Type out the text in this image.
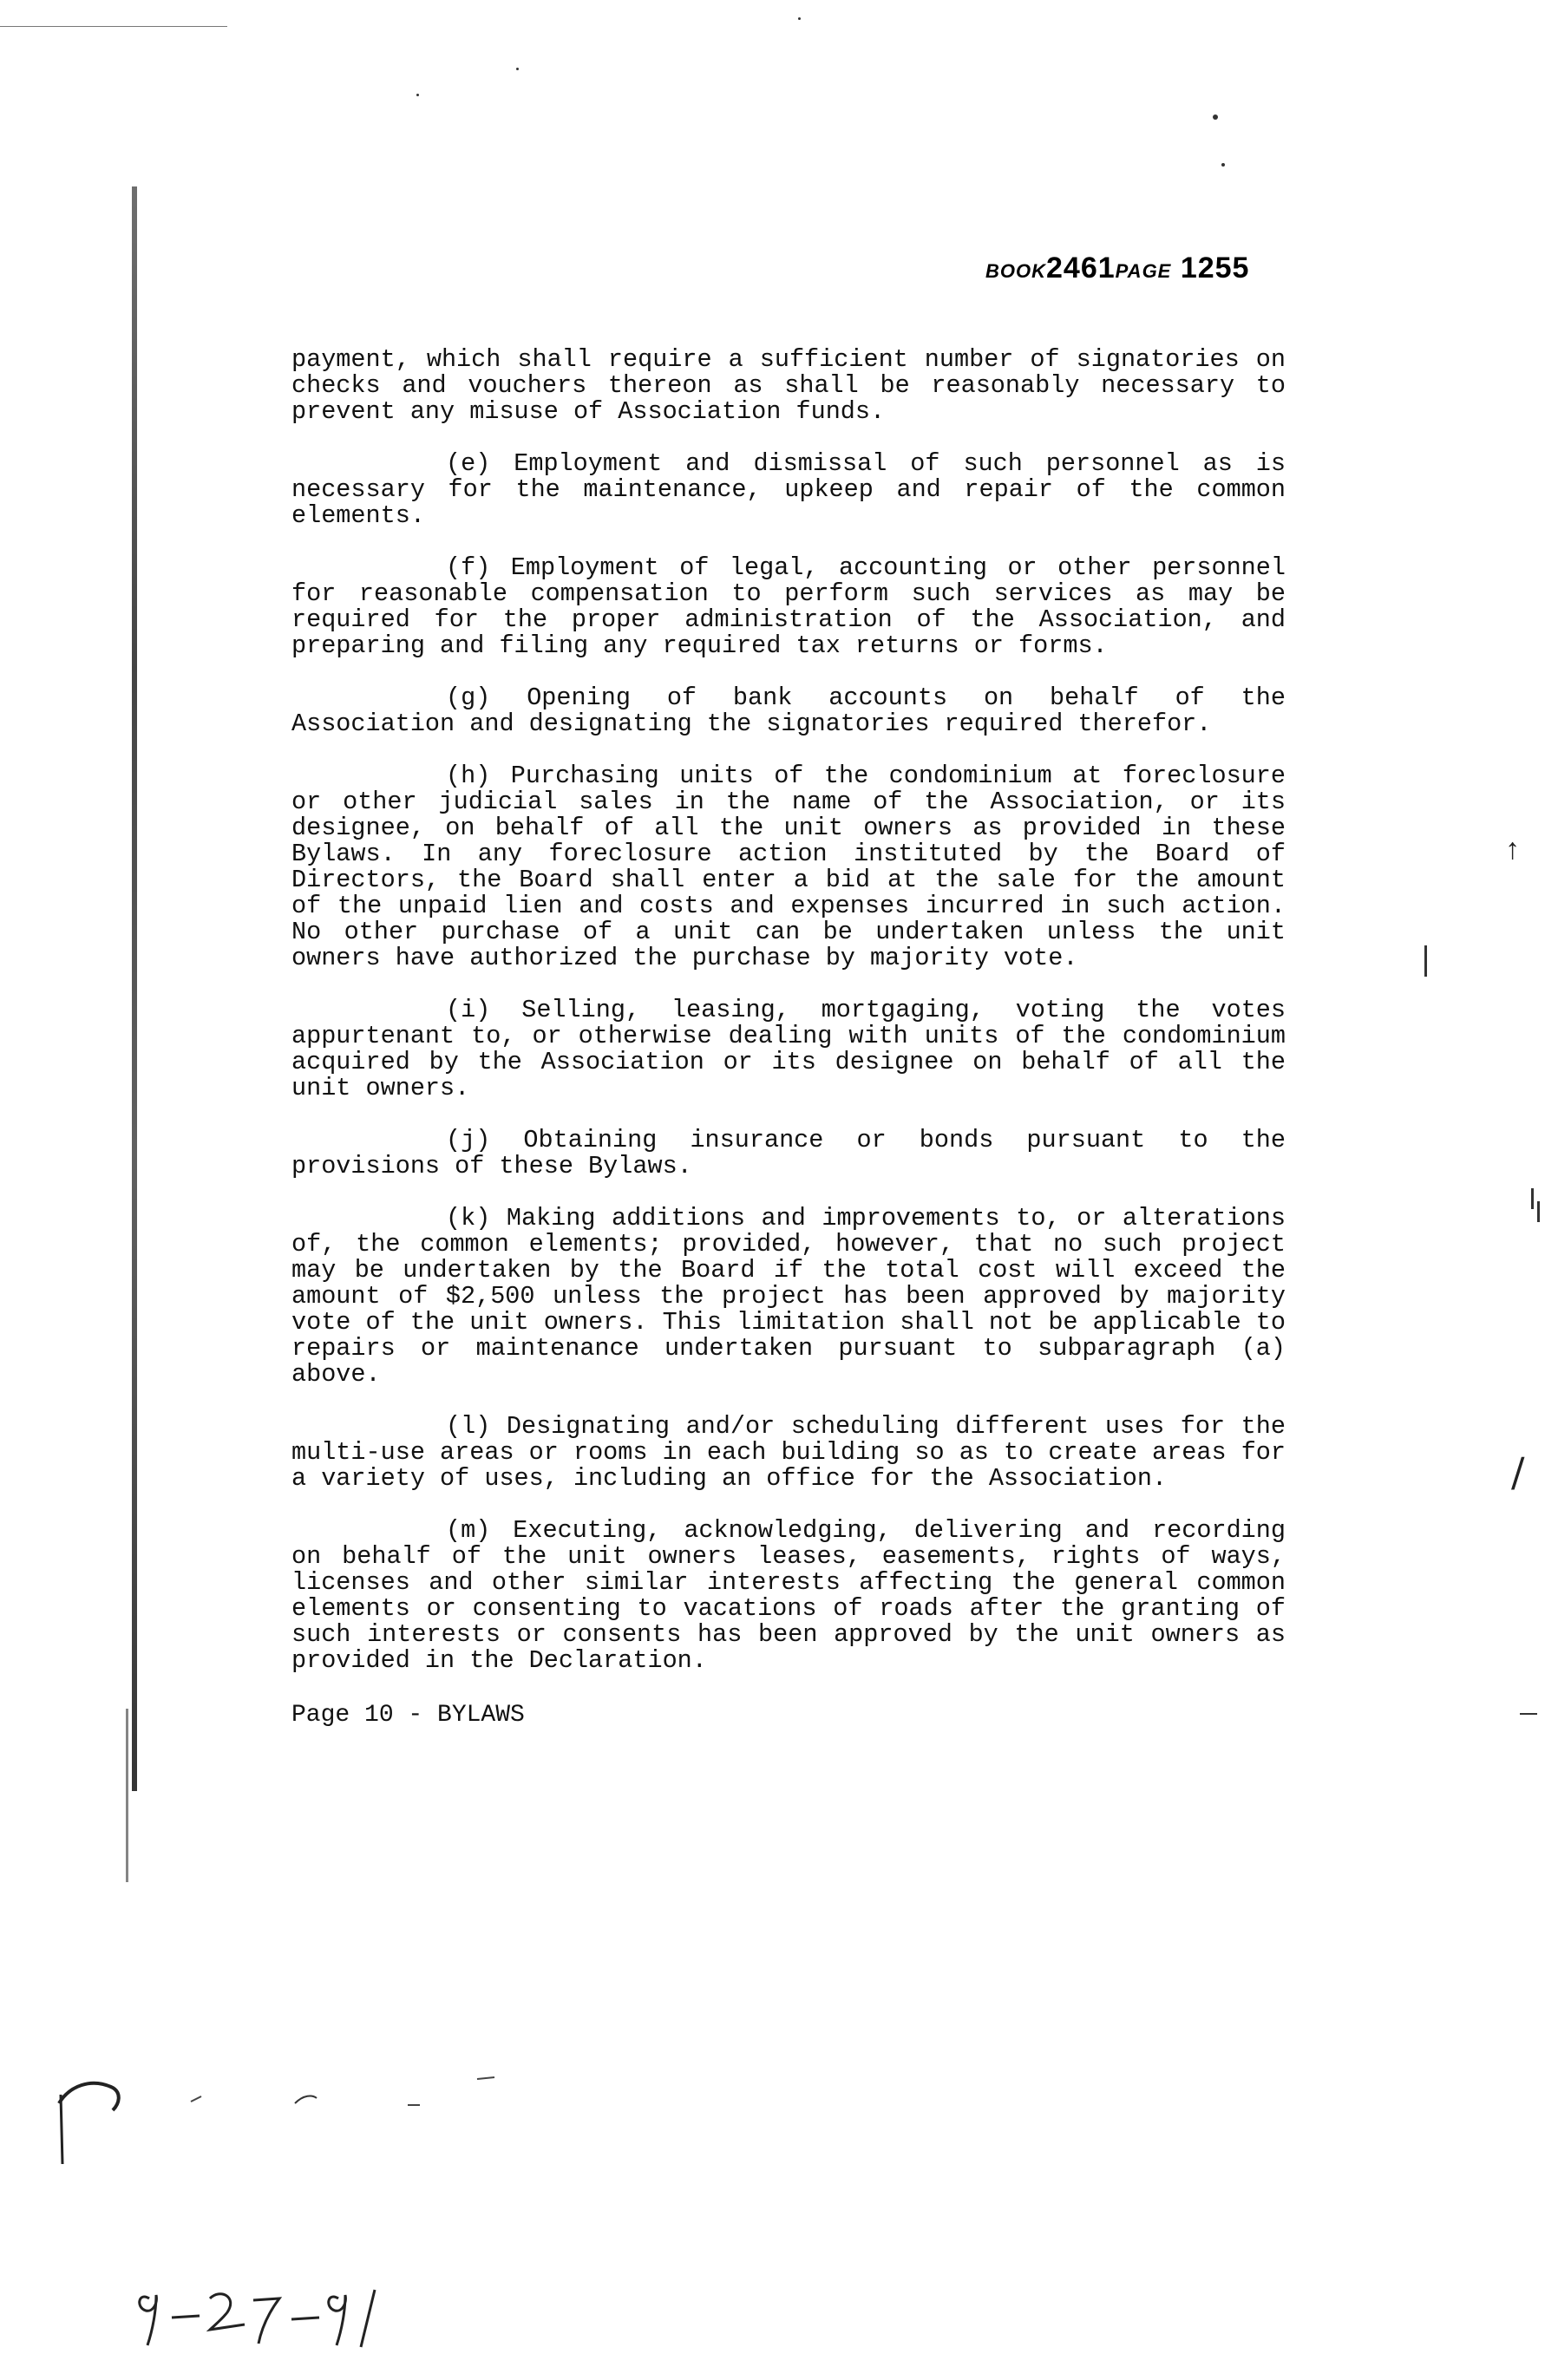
BOOK2461PAGE 1255

payment, which shall require a sufficient number of signatories on checks and vouchers thereon as shall be reasonably necessary to prevent any misuse of Association funds.

(e) Employment and dismissal of such personnel as is necessary for the maintenance, upkeep and repair of the common elements.

(f) Employment of legal, accounting or other personnel for reasonable compensation to perform such services as may be required for the proper administration of the Association, and preparing and filing any required tax returns or forms.

(g) Opening of bank accounts on behalf of the Association and designating the signatories required therefor.

(h) Purchasing units of the condominium at foreclosure or other judicial sales in the name of the Association, or its designee, on behalf of all the unit owners as provided in these Bylaws. In any foreclosure action instituted by the Board of Directors, the Board shall enter a bid at the sale for the amount of the unpaid lien and costs and expenses incurred in such action. No other purchase of a unit can be undertaken unless the unit owners have authorized the purchase by majority vote.

(i) Selling, leasing, mortgaging, voting the votes appurtenant to, or otherwise dealing with units of the condominium acquired by the Association or its designee on behalf of all the unit owners.

(j) Obtaining insurance or bonds pursuant to the provisions of these Bylaws.

(k) Making additions and improvements to, or alterations of, the common elements; provided, however, that no such project may be undertaken by the Board if the total cost will exceed the amount of $2,500 unless the project has been approved by majority vote of the unit owners. This limitation shall not be applicable to repairs or maintenance undertaken pursuant to subparagraph (a) above.

(l) Designating and/or scheduling different uses for the multi-use areas or rooms in each building so as to create areas for a variety of uses, including an office for the Association.

(m) Executing, acknowledging, delivering and recording on behalf of the unit owners leases, easements, rights of ways, licenses and other similar interests affecting the general common elements or consenting to vacations of roads after the granting of such interests or consents has been approved by the unit owners as provided in the Declaration.

Page 10 - BYLAWS
↑
/
